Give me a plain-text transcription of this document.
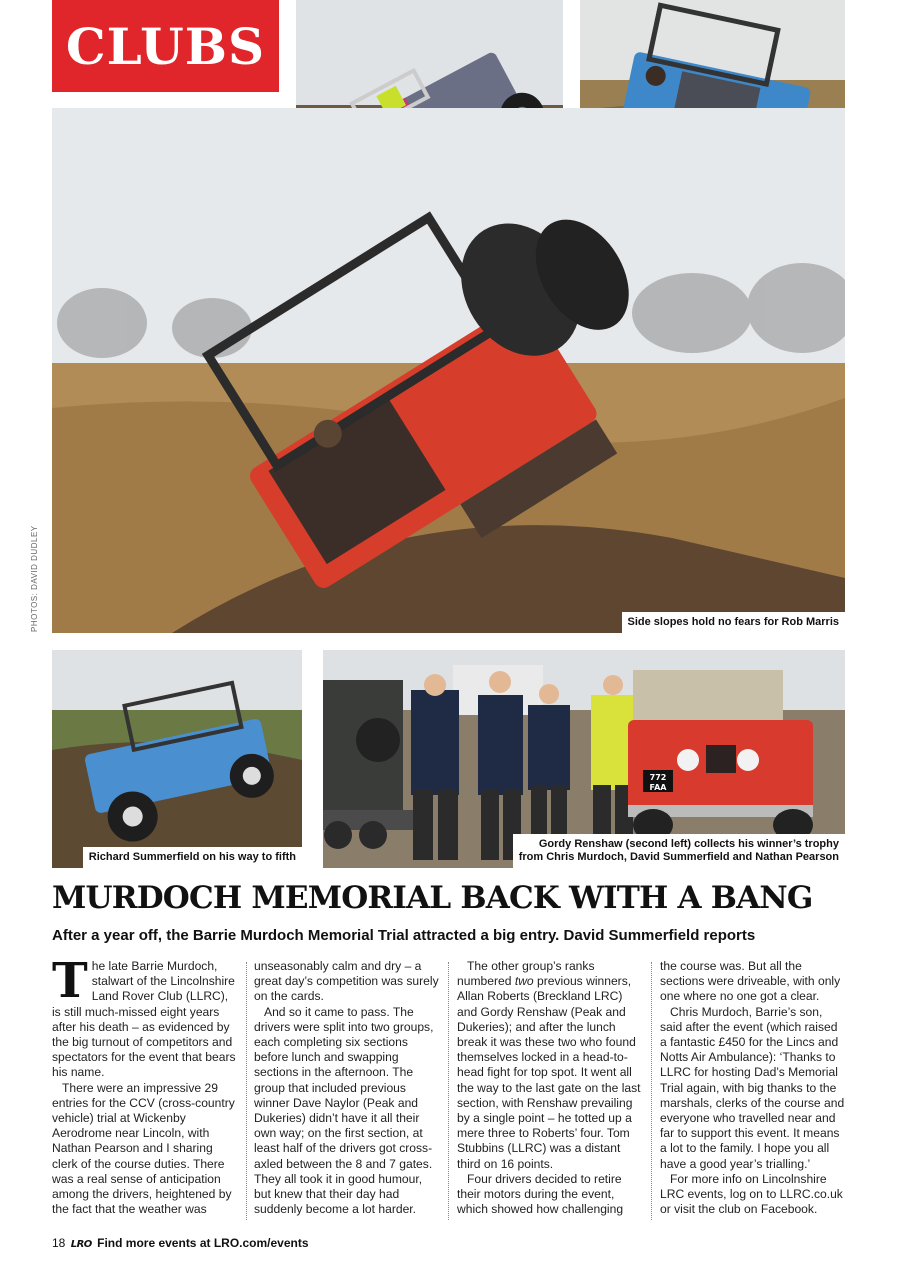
CLUBS
Side slopes hold no fears for Rob Marris
PHOTOS: DAVID DUDLEY
Richard Summerfield on his way to fifth
772
FAA
Gordy Renshaw (second left) collects his winner’s trophy
from Chris Murdoch, David Summerfield and Nathan Pearson
MURDOCH MEMORIAL BACK WITH A BANG
After a year off, the Barrie Murdoch Memorial Trial attracted a big entry. David Summerfield reports

The late Barrie Murdoch, stalwart of the Lincolnshire Land Rover Club (LLRC), is still much-missed eight years after his death – as evidenced by the big turnout of competitors and spectators for the event that bears his name.

There were an impressive 29 entries for the CCV (cross-country vehicle) trial at Wickenby Aerodrome near Lincoln, with Nathan Pearson and I sharing clerk of the course duties. There was a real sense of anticipation among the drivers, heightened by the fact that the weather was

unseasonably calm and dry – a great day’s competition was surely on the cards.

And so it came to pass. The drivers were split into two groups, each completing six sections before lunch and swapping sections in the afternoon. The group that included previous winner Dave Naylor (Peak and Dukeries) didn’t have it all their own way; on the first section, at least half of the drivers got cross-axled between the 8 and 7 gates. They all took it in good humour, but knew that their day had suddenly become a lot harder.

The other group’s ranks numbered two previous winners, Allan Roberts (Breckland LRC) and Gordy Renshaw (Peak and Dukeries); and after the lunch break it was these two who found themselves locked in a head-to-head fight for top spot. It went all the way to the last gate on the last section, with Renshaw prevailing by a single point – he totted up a mere three to Roberts’ four. Tom Stubbins (LLRC) was a distant third on 16 points.

Four drivers decided to retire their motors during the event, which showed how challenging

the course was. But all the sections were driveable, with only one where no one got a clear.

Chris Murdoch, Barrie’s son, said after the event (which raised a fantastic £450 for the Lincs and Notts Air Ambulance): ‘Thanks to LLRC for hosting Dad’s Memorial Trial again, with big thanks to the marshals, clerks of the course and everyone who travelled near and far to support this event. It means a lot to the family. I hope you all have a good year’s trialling.’

For more info on Lincolnshire LRC events, log on to LLRC.co.uk or visit the club on Facebook.

18 LRO Find more events at LRO.com/events
